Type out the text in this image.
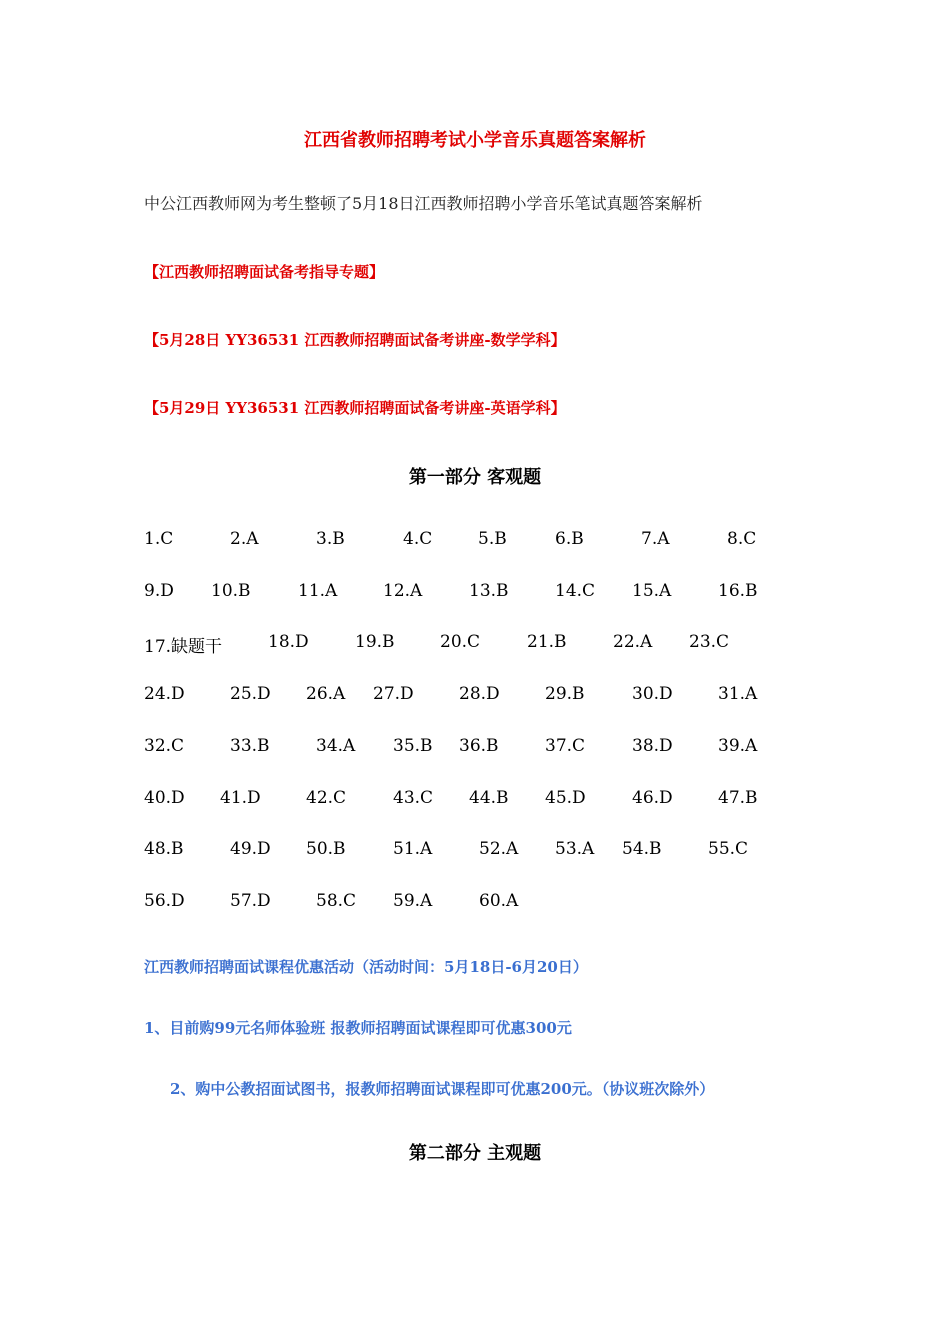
江西省教师招聘考试小学音乐真题答案解析
中公江西教师网为考生整顿了5月18日江西教师招聘小学音乐笔试真题答案解析
【江西教师招聘面试备考指导专题】
【5月28日 YY36531 江西教师招聘面试备考讲座-数学学科】
【5月29日 YY36531 江西教师招聘面试备考讲座-英语学科】
第一部分 客观题
1.C	2.A	3.B	4.C	5.B	6.B	7.A	8.C
9.D 10.B	11.A	12.A	13.B	14.C 15.A	16.B
17.缺题干	18.D	19.B	20.C	21.B	22.A 23.C
24.D	25.D 26.A 27.D	28.D	29.B	30.D	31.A
32.C	33.B	34.A 35.B 36.B	37.C	38.D	39.A
40.D 41.D	42.C	43.C 44.B 45.D	46.D	47.B
48.B	49.D 50.B	51.A	52.A 53.A 54.B	55.C
56.D	57.D	58.C 59.A	60.A
江西教师招聘面试课程优惠活动（活动时间：5月18日-6月20日）
1、目前购99元名师体验班 报教师招聘面试课程即可优惠300元
2、购中公教招面试图书，报教师招聘面试课程即可优惠200元。（协议班次除外）
第二部分 主观题
